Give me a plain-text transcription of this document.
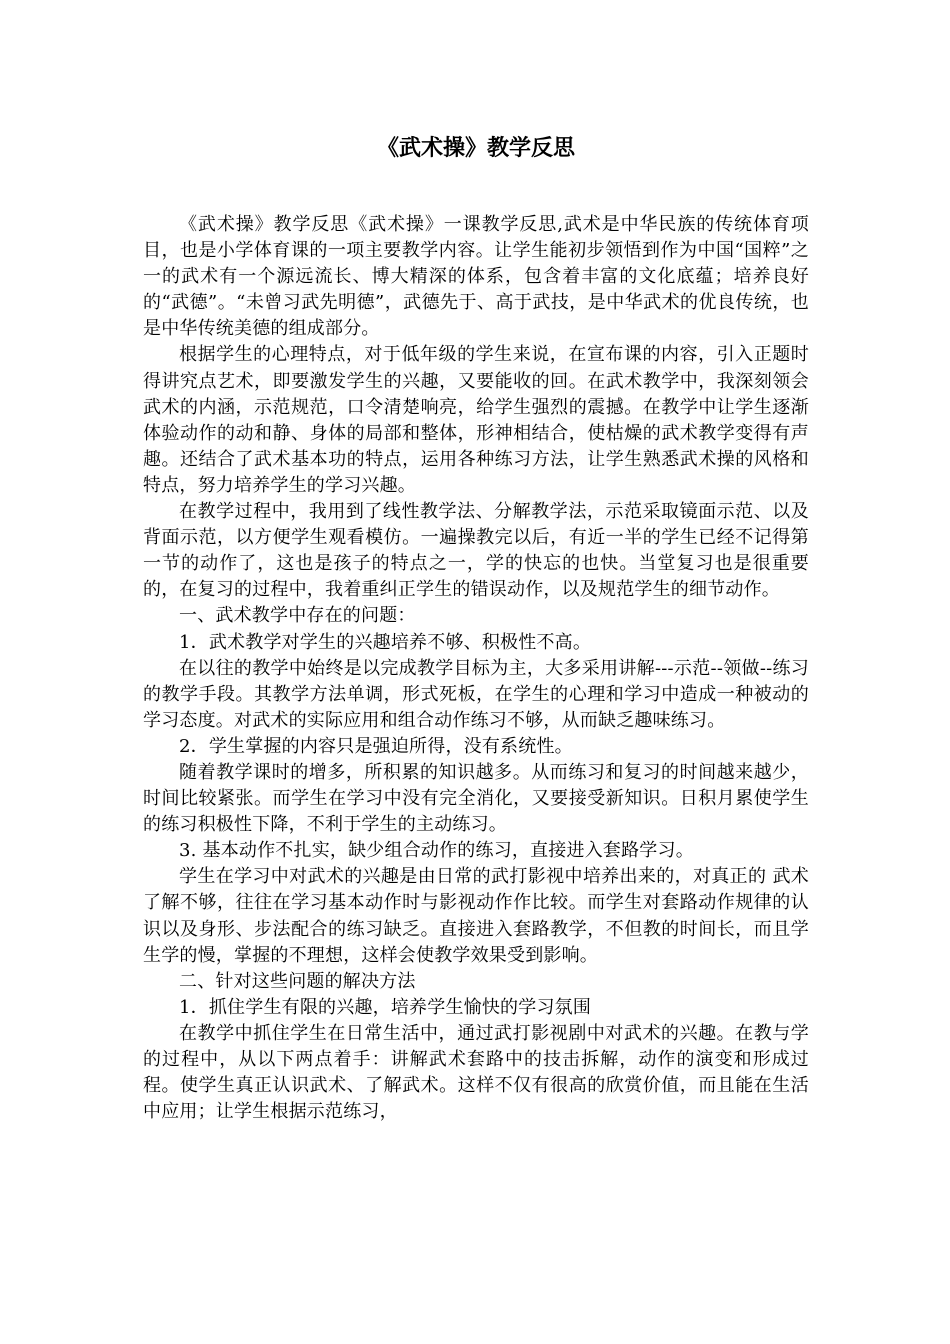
《武术操》教学反思

《武术操》教学反思《武术操》一课教学反思,武术是中华民族的传统体育项目，也是小学体育课的一项主要教学内容。让学生能初步领悟到作为中国“国粹”之一的武术有一个源远流长、博大精深的体系，包含着丰富的文化底蕴；培养良好的“武德”。“未曾习武先明德”，武德先于、高于武技，是中华武术的优良传统，也是中华传统美德的组成部分。

根据学生的心理特点，对于低年级的学生来说，在宣布课的内容，引入正题时得讲究点艺术，即要激发学生的兴趣，又要能收的回。在武术教学中，我深刻领会武术的内涵，示范规范，口令清楚响亮，给学生强烈的震撼。在教学中让学生逐渐体验动作的动和静、身体的局部和整体，形神相结合，使枯燥的武术教学变得有声趣。还结合了武术基本功的特点，运用各种练习方法，让学生熟悉武术操的风格和特点，努力培养学生的学习兴趣。

在教学过程中，我用到了线性教学法、分解教学法，示范采取镜面示范、以及背面示范，以方便学生观看模仿。一遍操教完以后，有近一半的学生已经不记得第一节的动作了，这也是孩子的特点之一，学的快忘的也快。当堂复习也是很重要的，在复习的过程中，我着重纠正学生的错误动作，以及规范学生的细节动作。

一、武术教学中存在的问题：

1．武术教学对学生的兴趣培养不够、积极性不高。

在以往的教学中始终是以完成教学目标为主，大多采用讲解---示范--领做--练习的教学手段。其教学方法单调，形式死板，在学生的心理和学习中造成一种被动的学习态度。对武术的实际应用和组合动作练习不够，从而缺乏趣味练习。

2．学生掌握的内容只是强迫所得，没有系统性。

随着教学课时的增多，所积累的知识越多。从而练习和复习的时间越来越少，时间比较紧张。而学生在学习中没有完全消化，又要接受新知识。日积月累使学生的练习积极性下降，不利于学生的主动练习。

3. 基本动作不扎实，缺少组合动作的练习，直接进入套路学习。

学生在学习中对武术的兴趣是由日常的武打影视中培养出来的，对真正的 武术了解不够，往往在学习基本动作时与影视动作作比较。而学生对套路动作规律的认识以及身形、步法配合的练习缺乏。直接进入套路教学，不但教的时间长，而且学生学的慢，掌握的不理想，这样会使教学效果受到影响。

二、针对这些问题的解决方法

1．抓住学生有限的兴趣，培养学生愉快的学习氛围

在教学中抓住学生在日常生活中，通过武打影视剧中对武术的兴趣。在教与学的过程中，从以下两点着手：讲解武术套路中的技击拆解，动作的演变和形成过程。使学生真正认识武术、了解武术。这样不仅有很高的欣赏价值，而且能在生活中应用；让学生根据示范练习，
